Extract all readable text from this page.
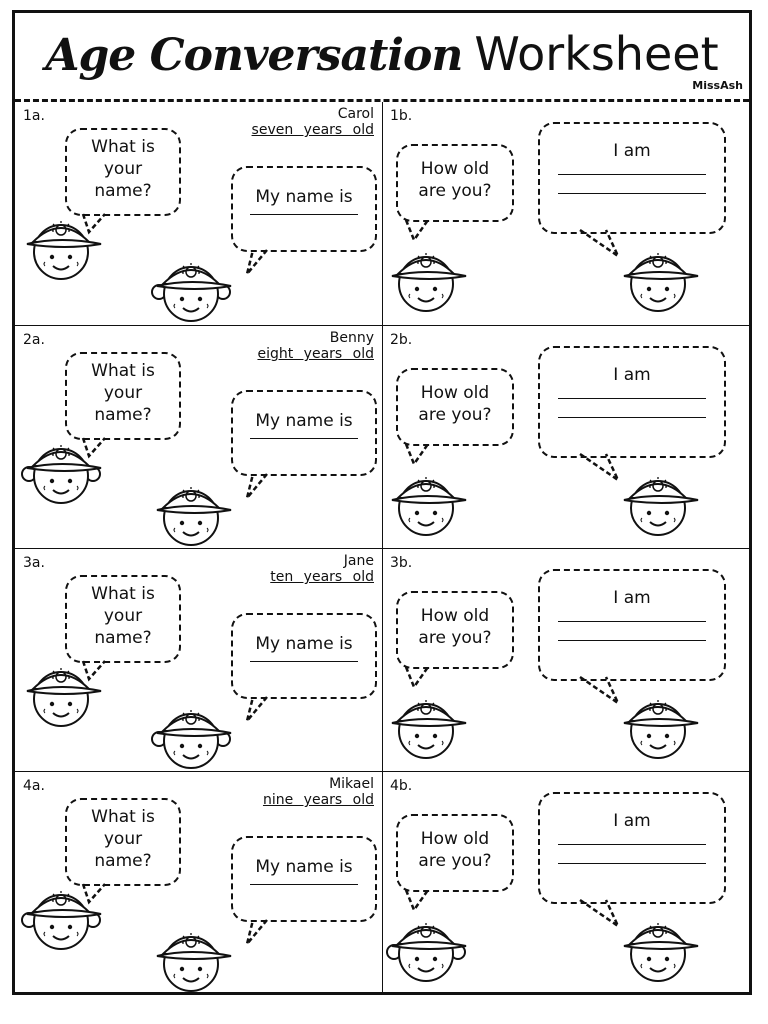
Age Conversation Worksheet
MissAsh
1a.	Carol
seven years old
What is your name?	My name is
1b.
How old are you?
I am
2a.	Benny
eight years old
What is your name?	My name is
2b.
How old are you?
I am
3a.	Jane
ten years old
What is your name?	My name is
3b.
How old are you?
I am
4a.	Mikael
nine years old
What is your name?	My name is
4b.
How old are you?
I am
